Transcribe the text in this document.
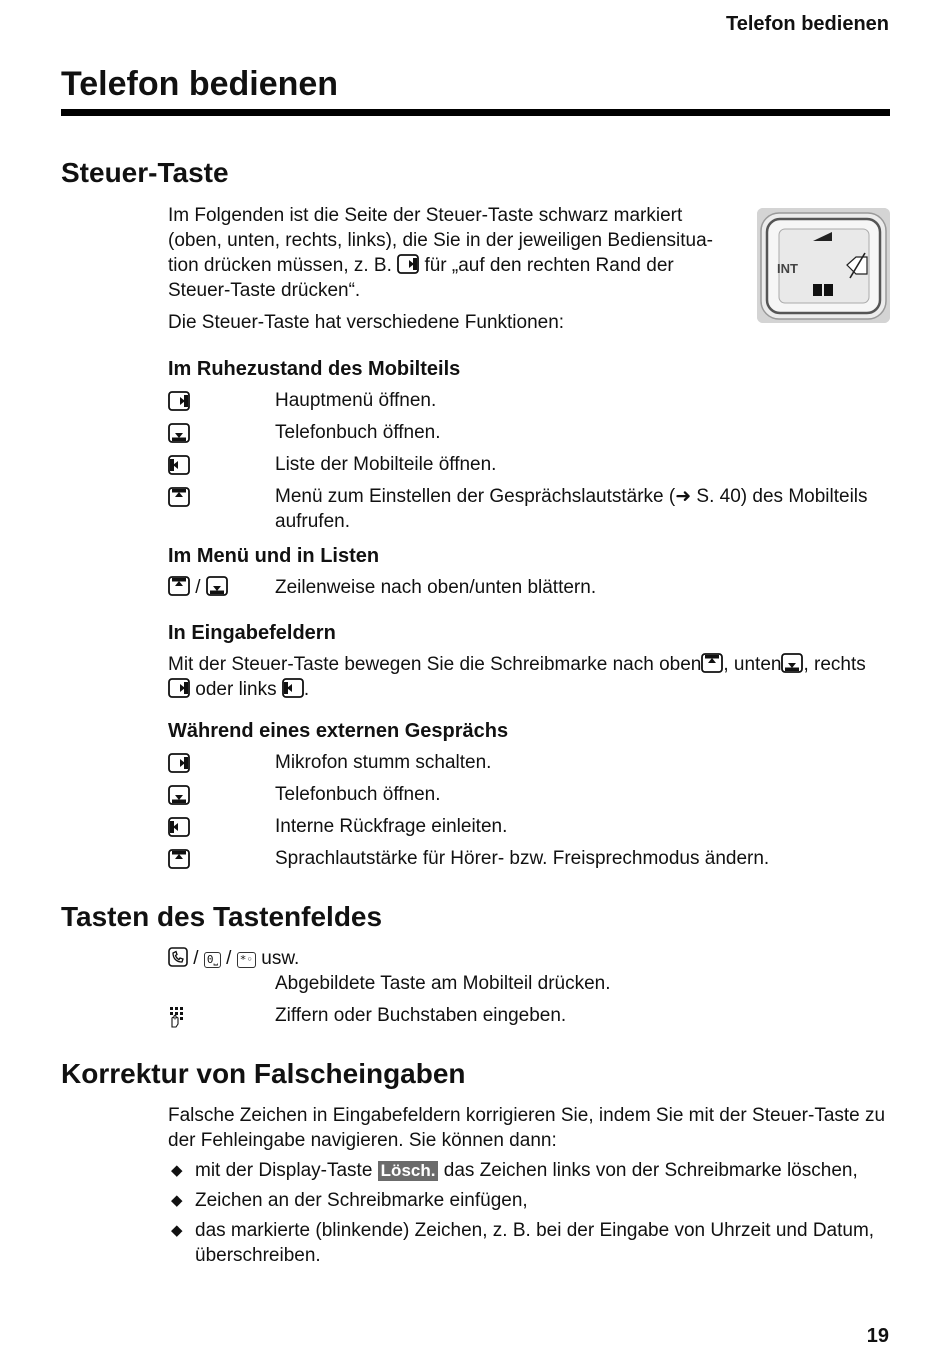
Telefon bedienen
Telefon bedienen
Steuer-Taste
INT
Im Folgenden ist die Seite der Steuer-Taste schwarz markiert
(oben, unten, rechts, links), die Sie in der jeweiligen Bediensitua-
tion drücken müssen, z. B. für „auf den rechten Rand der
Steuer-Taste drücken“.
Die Steuer-Taste hat verschiedene Funktionen:
Im Ruhezustand des Mobilteils
Hauptmenü öffnen.
Telefonbuch öffnen.
Liste der Mobilteile öffnen.
Menü zum Einstellen der Gesprächslautstärke (➜ S. 40) des Mobilteils aufrufen.
Im Menü und in Listen
/	Zeilenweise nach oben/unten blättern.
In Eingabefeldern
Mit der Steuer-Taste bewegen Sie die Schreibmarke nach oben , unten , rechts

oder links .
Während eines externen Gesprächs
Mikrofon stumm schalten.
Telefonbuch öffnen.
Interne Rückfrage einleiten.
Sprachlautstärke für Hörer- bzw. Freisprechmodus ändern.
Tasten des Tastenfeldes
/ 0⎵ / *◦ usw.
Abgebildete Taste am Mobilteil drücken.
Ziffern oder Buchstaben eingeben.
Korrektur von Falscheingaben
Falsche Zeichen in Eingabefeldern korrigieren Sie, indem Sie mit der Steuer-Taste zu der Fehleingabe navigieren. Sie können dann:
◆ mit der Display-Taste Lösch. das Zeichen links von der Schreibmarke löschen,
◆ Zeichen an der Schreibmarke einfügen,
◆ das markierte (blinkende) Zeichen, z. B. bei der Eingabe von Uhrzeit und Datum, überschreiben.
19
